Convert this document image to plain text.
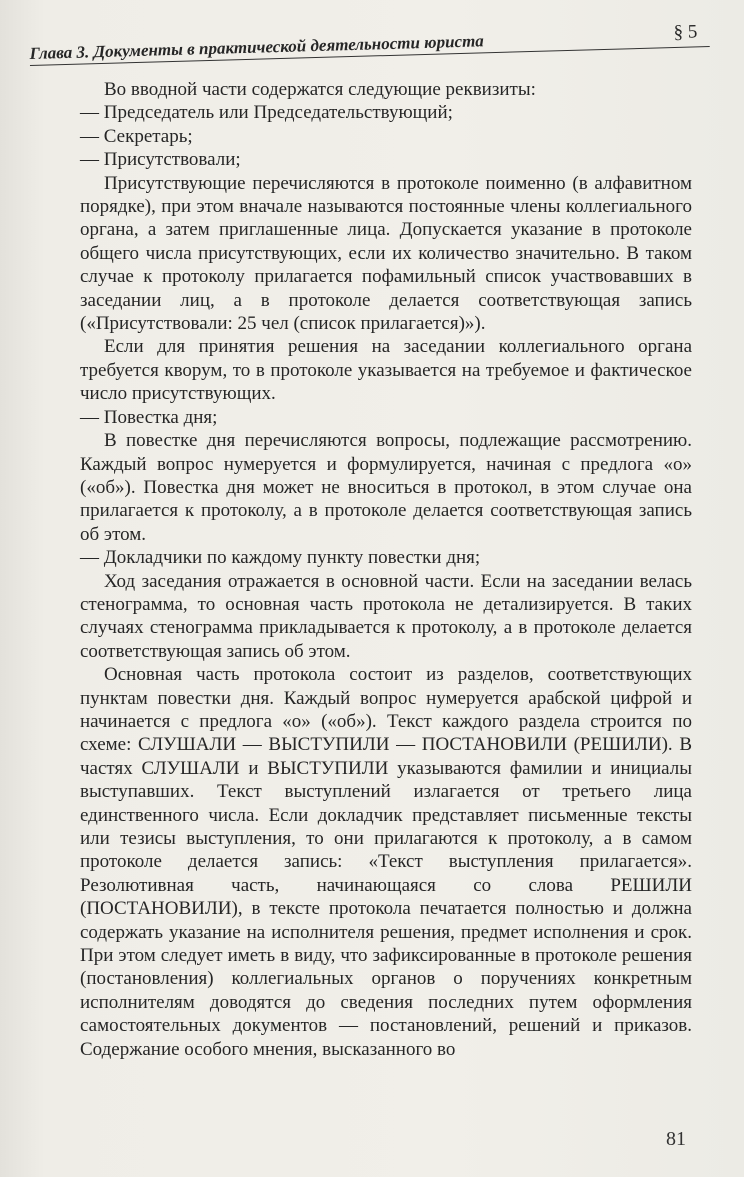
Глава 3. Документы в практической деятельности юриста	§ 5

Во вводной части содержатся следующие реквизиты:

— Председатель или Председательствующий;

— Секретарь;

— Присутствовали;

Присутствующие перечисляются в протоколе поименно (в алфавитном порядке), при этом вначале называются постоянные члены коллегиального органа, а затем приглашенные лица. Допускается указание в протоколе общего числа присутствующих, если их количество значительно. В таком случае к протоколу прилагается пофамильный список участвовавших в заседании лиц, а в протоколе делается соответствующая запись («Присутствовали: 25 чел (список прилагается)»).

Если для принятия решения на заседании коллегиального органа требуется кворум, то в протоколе указывается на требуемое и фактическое число присутствующих.

— Повестка дня;

В повестке дня перечисляются вопросы, подлежащие рассмотрению. Каждый вопрос нумеруется и формулируется, начиная с предлога «о» («об»). Повестка дня может не вноситься в протокол, в этом случае она прилагается к протоколу, а в протоколе делается соответствующая запись об этом.

— Докладчики по каждому пункту повестки дня;

Ход заседания отражается в основной части. Если на заседании велась стенограмма, то основная часть протокола не детализируется. В таких случаях стенограмма прикладывается к протоколу, а в протоколе делается соответствующая запись об этом.

Основная часть протокола состоит из разделов, соответствующих пунктам повестки дня. Каждый вопрос нумеруется арабской цифрой и начинается с предлога «о» («об»). Текст каждого раздела строится по схеме: СЛУШАЛИ — ВЫСТУПИЛИ — ПОСТАНОВИЛИ (РЕШИЛИ). В частях СЛУШАЛИ и ВЫСТУПИЛИ указываются фамилии и инициалы выступавших. Текст выступлений излагается от третьего лица единственного числа. Если докладчик представляет письменные тексты или тезисы выступления, то они прилагаются к протоколу, а в самом протоколе делается запись: «Текст выступления прилагается». Резолютивная часть, начинающаяся со слова РЕШИЛИ (ПОСТАНОВИЛИ), в тексте протокола печатается полностью и должна содержать указание на исполнителя решения, предмет исполнения и срок. При этом следует иметь в виду, что зафиксированные в протоколе решения (постановления) коллегиальных органов о поручениях конкретным исполнителям доводятся до сведения последних путем оформления самостоятельных документов — постановлений, решений и приказов. Содержание особого мнения, высказанного во

81
